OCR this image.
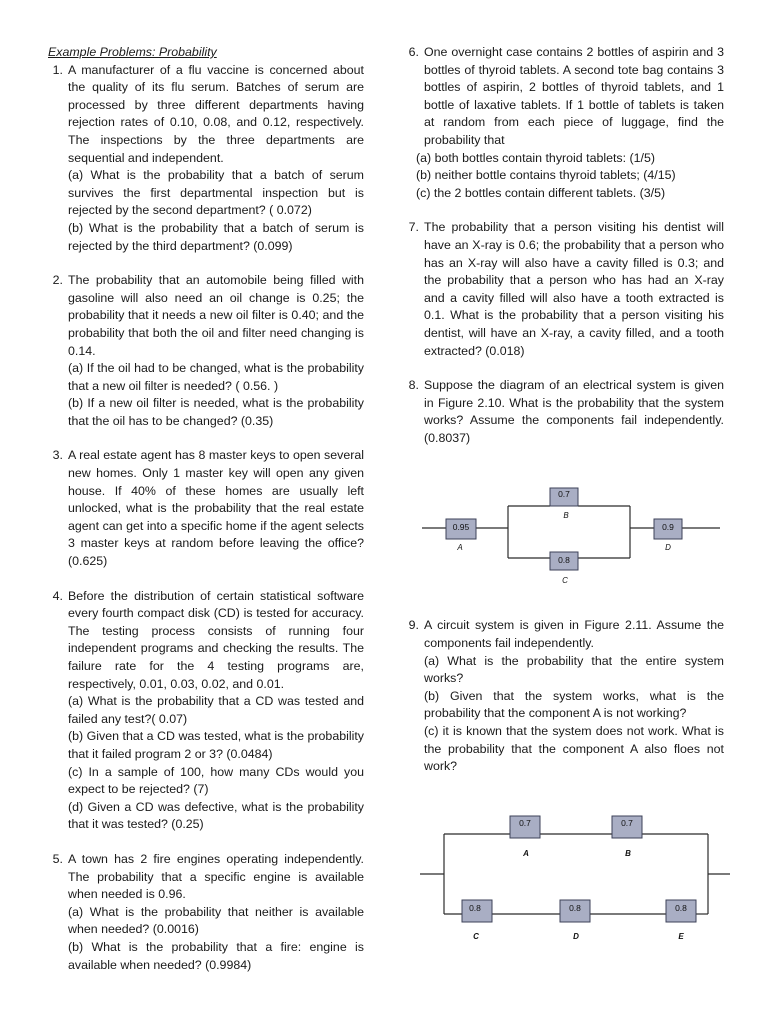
Example Problems: Probability
1. A manufacturer of a flu vaccine is concerned about the quality of its flu serum. Batches of serum are processed by three different departments having rejection rates of 0.10, 0.08, and 0.12, respectively. The inspections by the three departments are sequential and independent.
(a) What is the probability that a batch of serum survives the first departmental inspection but is rejected by the second department? ( 0.072)
(b) What is the probability that a batch of serum is rejected by the third department? (0.099)
2. The probability that an automobile being filled with gasoline will also need an oil change is 0.25; the probability that it needs a new oil filter is 0.40; and the probability that both the oil and filter need changing is 0.14.
(a) If the oil had to be changed, what is the probability that a new oil filter is needed? ( 0.56. )
(b) If a new oil filter is needed, what is the probability that the oil has to be changed? (0.35)
3. A real estate agent has 8 master keys to open several new homes. Only 1 master key will open any given house. If 40% of these homes are usually left unlocked, what is the probability that the real estate agent can get into a specific home if the agent selects 3 master keys at random before leaving the office? (0.625)
4. Before the distribution of certain statistical software every fourth compact disk (CD) is tested for accuracy. The testing process consists of running four independent programs and checking the results. The failure rate for the 4 testing programs are, respectively, 0.01, 0.03, 0.02, and 0.01.
(a) What is the probability that a CD was tested and failed any test?( 0.07)
(b) Given that a CD was tested, what is the probability that it failed program 2 or 3? (0.0484)
(c) In a sample of 100, how many CDs would you expect to be rejected? (7)
(d) Given a CD was defective, what is the probability that it was tested? (0.25)
5. A town has 2 fire engines operating independently. The probability that a specific engine is available when needed is 0.96.
(a) What is the probability that neither is available when needed? (0.0016)
(b) What is the probability that a fire: engine is available when needed? (0.9984)
6. One overnight case contains 2 bottles of aspirin and 3 bottles of thyroid tablets. A second tote bag contains 3 bottles of aspirin, 2 bottles of thyroid tablets, and 1 bottle of laxative tablets. If 1 bottle of tablets is taken at random from each piece of luggage, find the probability that
(a) both bottles contain thyroid tablets: (1/5)
(b) neither bottle contains thyroid tablets; (4/15)
(c) the 2 bottles contain different tablets. (3/5)
7. The probability that a person visiting his dentist will have an X-ray is 0.6; the probability that a person who has an X-ray will also have a cavity filled is 0.3; and the probability that a person who has had an X-ray and a cavity filled will also have a tooth extracted is 0.1. What is the probability that a person visiting his dentist, will have an X-ray, a cavity filled, and a tooth extracted? (0.018)
8. Suppose the diagram of an electrical system is given in Figure 2.10. What is the probability that the system works? Assume the components fail independently. (0.8037)
9. A circuit system is given in Figure 2.11. Assume the components fail independently.
(a) What is the probability that the entire system works?
(b) Given that the system works, what is the probability that the component A is not working?
(c) it is known that the system does not work. What is the probability that the component A also floes not work?
0.95
A
0.7
B
0.8
C
0.9
D
0.7
A
0.7
B
0.8
C
0.8
D
0.8
E
